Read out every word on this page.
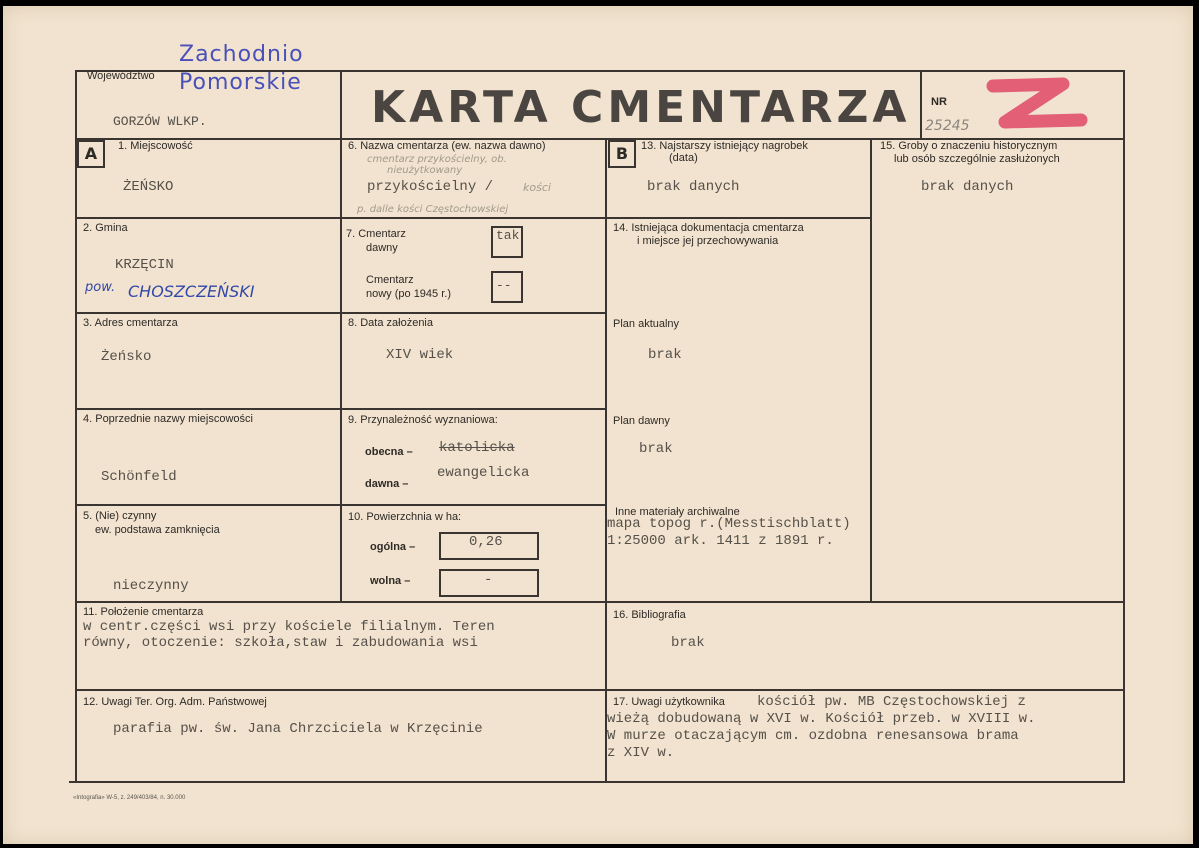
Województwo
Zachodnio
Pomorskie
GORZÓW WLKP.	KARTA CMENTARZA NR
25245
A	1. Miejscowość
ŻEŃSKO
2. Gmina
KRZĘCIN
pow. CHOSZCZEŃSKI
3. Adres cmentarza
Żeńsko
4. Poprzednie nazwy miejscowości
Schönfeld
5. (Nie) czynny
ew. podstawa zamknięcia
nieczynny
6. Nazwa cmentarza (ew. nazwa dawno)
cmentarz przykościelny, ob.
nieużytkowany
przykościelny / kości
p. dalle kości Częstochowskiej
7. Cmentarz
dawny
tak
Cmentarz
nowy (po 1945 r.)
--
8. Data założenia
XIV wiek
9. Przynależność wyznaniowa:
obecna – katolicka
dawna –
ewangelicka
10. Powierzchnia w ha:
ogólna –	0,26
wolna –	-
B	13. Najstarszy istniejący nagrobek
(data)
brak danych
14. Istniejąca dokumentacja cmentarza
i miejsce jej przechowywania
Plan aktualny
brak
Plan dawny
brak
Inne materiały archiwalne
mapa topog r.(Messtischblatt)
1:25000 ark. 1411 z 1891 r.
15. Groby o znaczeniu historycznym
lub osób szczególnie zasłużonych
brak danych
11. Położenie cmentarza
w centr.części wsi przy kościele filialnym. Teren
równy, otoczenie: szkoła,staw i zabudowania wsi
16. Bibliografia
brak
12. Uwagi Ter. Org. Adm. Państwowej
parafia pw. św. Jana Chrzciciela w Krzęcinie
17. Uwagi użytkownika kościół pw. MB Częstochowskiej z
wieżą dobudowaną w XVI w. Kościół przeb. w XVIII w.
W murze otaczającym cm. ozdobna renesansowa brama
z XIV w.
«Intografia» W-5, z. 249/403/84, n. 30.000
